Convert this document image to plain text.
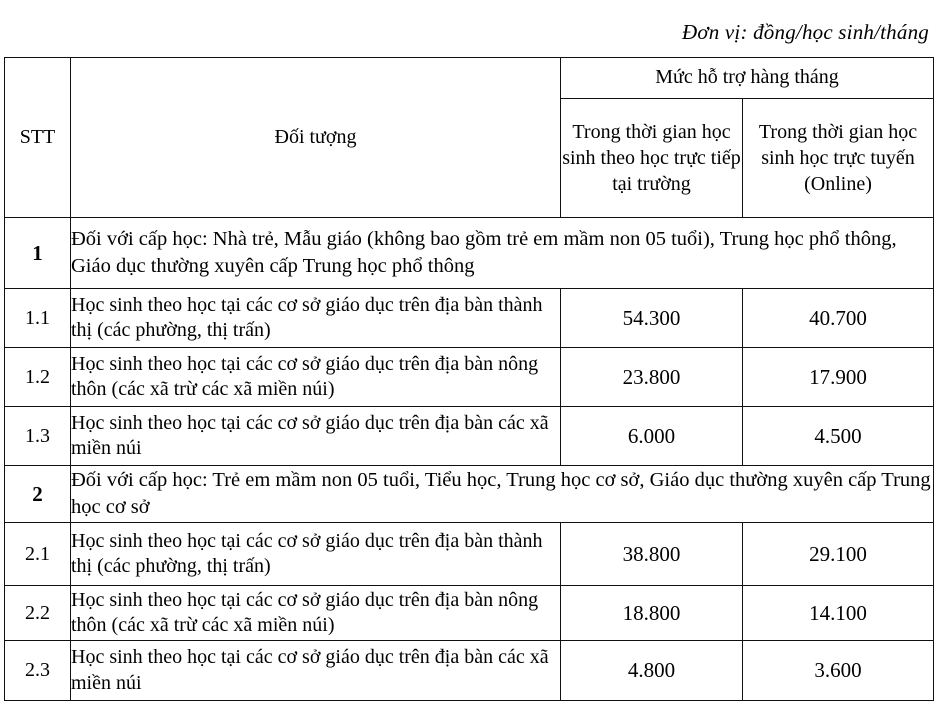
Đơn vị: đồng/học sinh/tháng
STT	Đối tượng	Mức hỗ trợ hàng tháng	
		Trong thời gian học sinh theo học trực tiếp tại trường	Trong thời gian học sinh học trực tuyến (Online)
1	Đối với cấp học: Nhà trẻ, Mẫu giáo (không bao gồm trẻ em mầm non 05 tuổi), Trung học phổ thông, Giáo dục thường xuyên cấp Trung học phổ thông		
1.1	Học sinh theo học tại các cơ sở giáo dục trên địa bàn thành thị (các phường, thị trấn)	54.300	40.700
1.2	Học sinh theo học tại các cơ sở giáo dục trên địa bàn nông thôn (các xã trừ các xã miền núi)	23.800	17.900
1.3	Học sinh theo học tại các cơ sở giáo dục trên địa bàn các xã miền núi	6.000	4.500
2	Đối với cấp học: Trẻ em mầm non 05 tuổi, Tiểu học, Trung học cơ sở, Giáo dục thường xuyên cấp Trung học cơ sở		
2.1	Học sinh theo học tại các cơ sở giáo dục trên địa bàn thành thị (các phường, thị trấn)	38.800	29.100
2.2	Học sinh theo học tại các cơ sở giáo dục trên địa bàn nông thôn (các xã trừ các xã miền núi)	18.800	14.100
2.3	Học sinh theo học tại các cơ sở giáo dục trên địa bàn các xã miền núi	4.800	3.600
